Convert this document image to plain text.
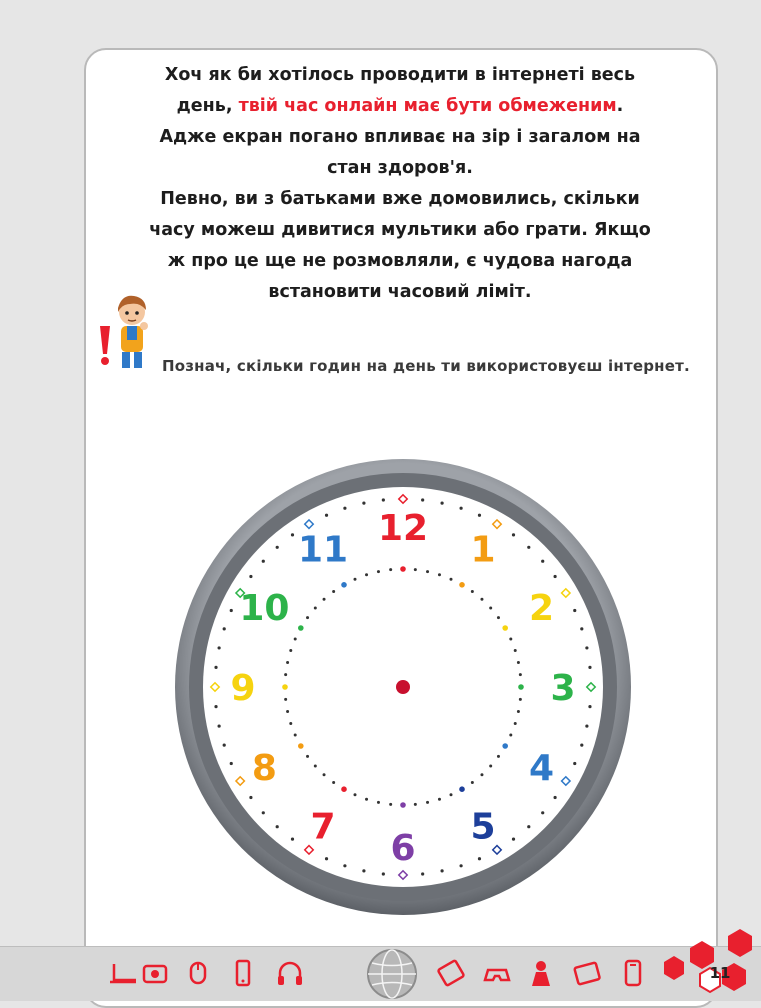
Хоч як би хотілось проводити в інтернеті весь

день, твій час онлайн має бути обмеженим.

Адже екран погано впливає на зір і загалом на

стан здоров'я.

Певно, ви з батьками вже домовились, скільки

часу можеш дивитися мультики або грати. Якщо

ж про це ще не розмовляли, є чудова нагода

встановити часовий ліміт.

Познач, скільки годин на день ти використовуєш інтернет.
12
1
2
3
4
5
6
7
8
9
10
11
11
